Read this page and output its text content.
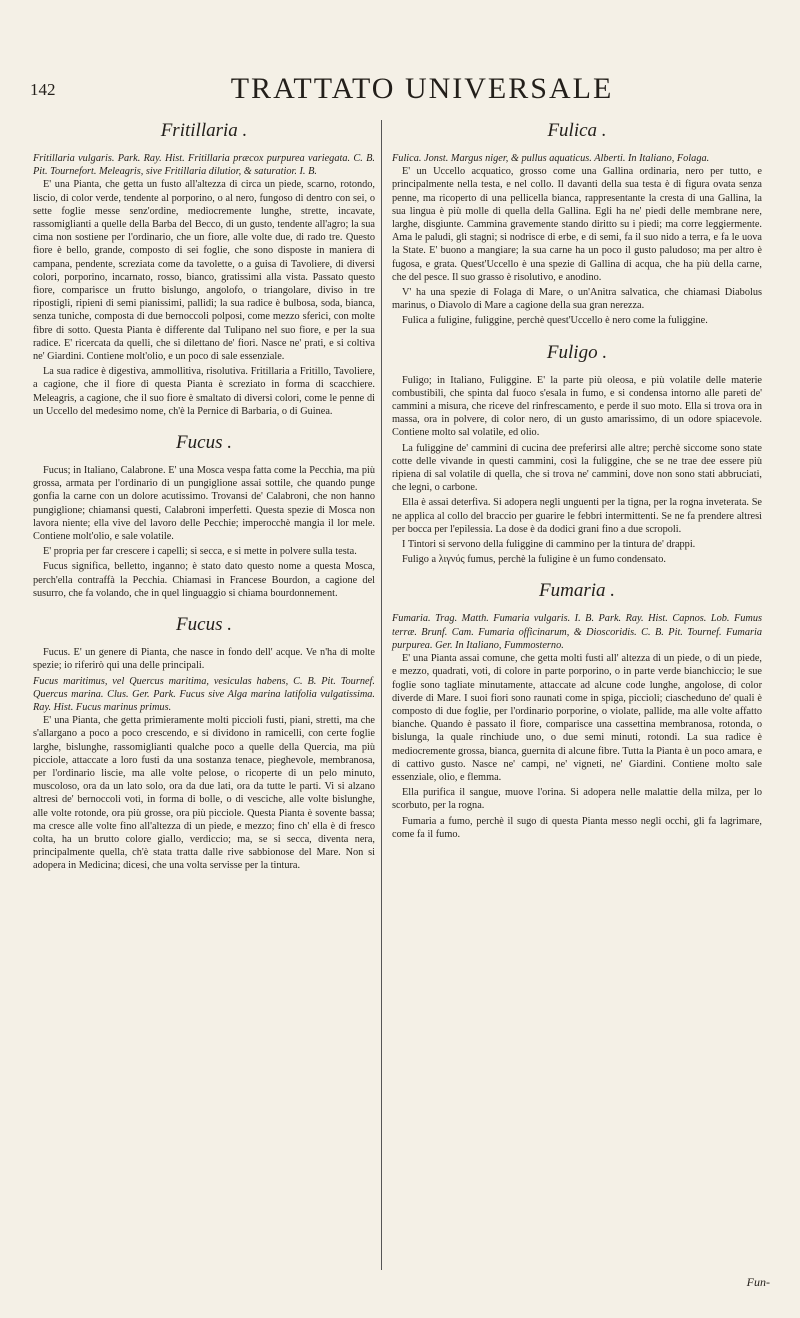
142	TRATTATO UNIVERSALE
Fritillaria .

Fritillaria vulgaris. Park. Ray. Hist. Fritillaria præcox purpurea variegata. C. B. Pit. Tournefort. Meleagris, sive Fritillaria dilutior, & saturatior. I. B.

E' una Pianta, che getta un fusto all'altezza di circa un piede, scarno, rotondo, liscio, di color verde, tendente al porporino, o al nero, fungoso di dentro con sei, o sette foglie messe senz'ordine, mediocremente lunghe, strette, incavate, rassomiglianti a quelle della Barba del Becco, di un gusto, tendente all'agro; la sua cima non sostiene per l'ordinario, che un fiore, alle volte due, di rado tre. Questo fiore è bello, grande, composto di sei foglie, che sono disposte in maniera di campana, pendente, screziata come da tavolette, o a guisa di Tavoliere, di diversi colori, porporino, incarnato, rosso, bianco, gratissimi alla vista. Passato questo fiore, comparisce un frutto bislungo, angolofo, o triangolare, diviso in tre ripostigli, ripieni di semi pianissimi, pallidi; la sua radice è bulbosa, soda, bianca, senza tuniche, composta di due bernoccoli polposi, come mezzo sferici, con molte fibre di sotto. Questa Pianta è differente dal Tulipano nel suo fiore, e per la sua radice. E' ricercata da quelli, che si dilettano de' fiori. Nasce ne' prati, e si coltiva ne' Giardini. Contiene molt'olio, e un poco di sale essenziale.

La sua radice è digestiva, ammollitiva, risolutiva. Fritillaria a Fritillo, Tavoliere, a cagione, che il fiore di questa Pianta è screziato in forma di scacchiere. Meleagris, a cagione, che il suo fiore è smaltato di diversi colori, come le penne di un Uccello del medesimo nome, ch'è la Pernice di Barbaria, o di Guinea.

Fucus .

Fucus; in Italiano, Calabrone. E' una Mosca vespa fatta come la Pecchia, ma più grossa, armata per l'ordinario di un pungiglione assai sottile, che quando punge gonfia la carne con un dolore acutissimo. Trovansi de' Calabroni, che non hanno pungiglione; chiamansi questi, Calabroni imperfetti. Questa spezie di Mosca non lavora niente; ella vive del lavoro delle Pecchie; imperocchè mangia il lor mele. Contiene molt'olio, e sale volatile.

E' propria per far crescere i capelli; si secca, e si mette in polvere sulla testa.

Fucus significa, belletto, inganno; è stato dato questo nome a questa Mosca, perch'ella contraffà la Pecchia. Chiamasi in Francese Bourdon, a cagione del susurro, che fa volando, che in quel linguaggio si chiama bourdonnement.

Fucus .

Fucus. E' un genere di Pianta, che nasce in fondo dell' acque. Ve n'ha di molte spezie; io riferirò qui una delle principali.

Fucus maritimus, vel Quercus maritima, vesiculas habens, C. B. Pit. Tournef. Quercus marina. Clus. Ger. Park. Fucus sive Alga marina latifolia vulgatissima. Ray. Hist. Fucus marinus primus.

E' una Pianta, che getta primieramente molti piccioli fusti, piani, stretti, ma che s'allargano a poco a poco crescendo, e si dividono in ramicelli, con certe foglie larghe, bislunghe, rassomiglianti qualche poco a quelle della Quercia, ma più picciole, attaccate a loro fusti da una sostanza tenace, pieghevole, membranosa, per l'ordinario liscie, ma alle volte pelose, o ricoperte di un pelo minuto, muscoloso, ora da un lato solo, ora da due lati, ora da tutte le parti. Vi si alzano altresì de' bernoccoli voti, in forma di bolle, o di vesciche, alle volte bislunghe, alle volte rotonde, ora più grosse, ora più picciole. Questa Pianta è sovente bassa; ma cresce alle volte fino all'altezza di un piede, e mezzo; fino ch' ella è di fresco colta, ha un brutto colore giallo, verdiccio; ma, se si secca, diventa nera, principalmente quella, ch'è stata tratta dalle rive sabbionose del Mare. Non si adopera in Medicina; dicesi, che una volta servisse per la tintura.

Fulica .

Fulica. Jonst. Margus niger, & pullus aquaticus. Alberti. In Italiano, Folaga.

E' un Uccello acquatico, grosso come una Gallina ordinaria, nero per tutto, e principalmente nella testa, e nel collo. Il davanti della sua testa è di figura ovata senza penne, ma ricoperto di una pellicella bianca, rappresentante la cresta di una Gallina, la sua lingua è più molle di quella della Gallina. Egli ha ne' piedi delle membrane nere, larghe, disgiunte. Cammina gravemente stando diritto su i piedi; ma corre leggiermente. Ama le paludi, gli stagni; si nodrisce di erbe, e di semi, fa il suo nido a terra, e fa le uova la State. E' buono a mangiare; la sua carne ha un poco il gusto paludoso; ma per altro è fugosa, e grata. Quest'Uccello è una spezie di Gallina di acqua, che ha più della carne, che del pesce. Il suo grasso è risolutivo, e anodino.

V' ha una spezie di Folaga di Mare, o un'Anitra salvatica, che chiamasi Diabolus marinus, o Diavolo di Mare a cagione della sua gran nerezza.

Fulica a fuligine, fuliggine, perchè quest'Uccello è nero come la fuliggine.

Fuligo .

Fuligo; in Italiano, Fuliggine. E' la parte più oleosa, e più volatile delle materie combustibili, che spinta dal fuoco s'esala in fumo, e si condensa intorno alle pareti de' cammini a misura, che riceve del rinfrescamento, e perde il suo moto. Ella si trova ora in massa, ora in polvere, di color nero, di un gusto amarissimo, di un odore spiacevole. Contiene molto sal volatile, ed olio.

La fuliggine de' cammini di cucina dee preferirsi alle altre; perchè siccome sono state cotte delle vivande in questi cammini, così la fuliggine, che se ne trae dee essere più ripiena di sal volatile di quella, che si trova ne' cammini, dove non sono stati abbruciati, che legni, o carbone.

Ella è assai deterfiva. Si adopera negli unguenti per la tigna, per la rogna inveterata. Se ne applica al collo del braccio per guarire le febbri intermittenti. Se ne fa prendere altresì per bocca per l'epilessia. La dose è da dodici grani fino a due scropoli.

I Tintori si servono della fuliggine di cammino per la tintura de' drappi.

Fuligo a λιγνύς fumus, perchè la fuligine è un fumo condensato.

Fumaria .

Fumaria. Trag. Matth. Fumaria vulgaris. I. B. Park. Ray. Hist. Capnos. Lob. Fumus terræ. Brunf. Cam. Fumaria officinarum, & Dioscoridis. C. B. Pit. Tournef. Fumaria purpurea. Ger. In Italiano, Fummosterno.

E' una Pianta assai comune, che getta molti fusti all' altezza di un piede, o di un piede, e mezzo, quadrati, voti, di colore in parte porporino, o in parte verde bianchiccio; le sue foglie sono tagliate minutamente, attaccate ad alcune code lunghe, angolose, di color diverde di Mare. I suoi fiori sono raunati come in spiga, piccioli; ciascheduno de' quali è composto di due foglie, per l'ordinario porporine, o violate, pallide, ma alle volte affatto bianche. Quando è passato il fiore, comparisce una cassettina membranosa, rotonda, o bislunga, la quale rinchiude uno, o due semi minuti, rotondi. La sua radice è mediocremente grossa, bianca, guernita di alcune fibre. Tutta la Pianta è un poco amara, e di cattivo gusto. Nasce ne' campi, ne' vigneti, ne' Giardini. Contiene molto sale essenziale, olio, e flemma.

Ella purifica il sangue, muove l'orina. Si adopera nelle malattie della milza, per lo scorbuto, per la rogna.

Fumaria a fumo, perchè il sugo di questa Pianta messo negli occhi, gli fa lagrimare, come fa il fumo.

Fun-
